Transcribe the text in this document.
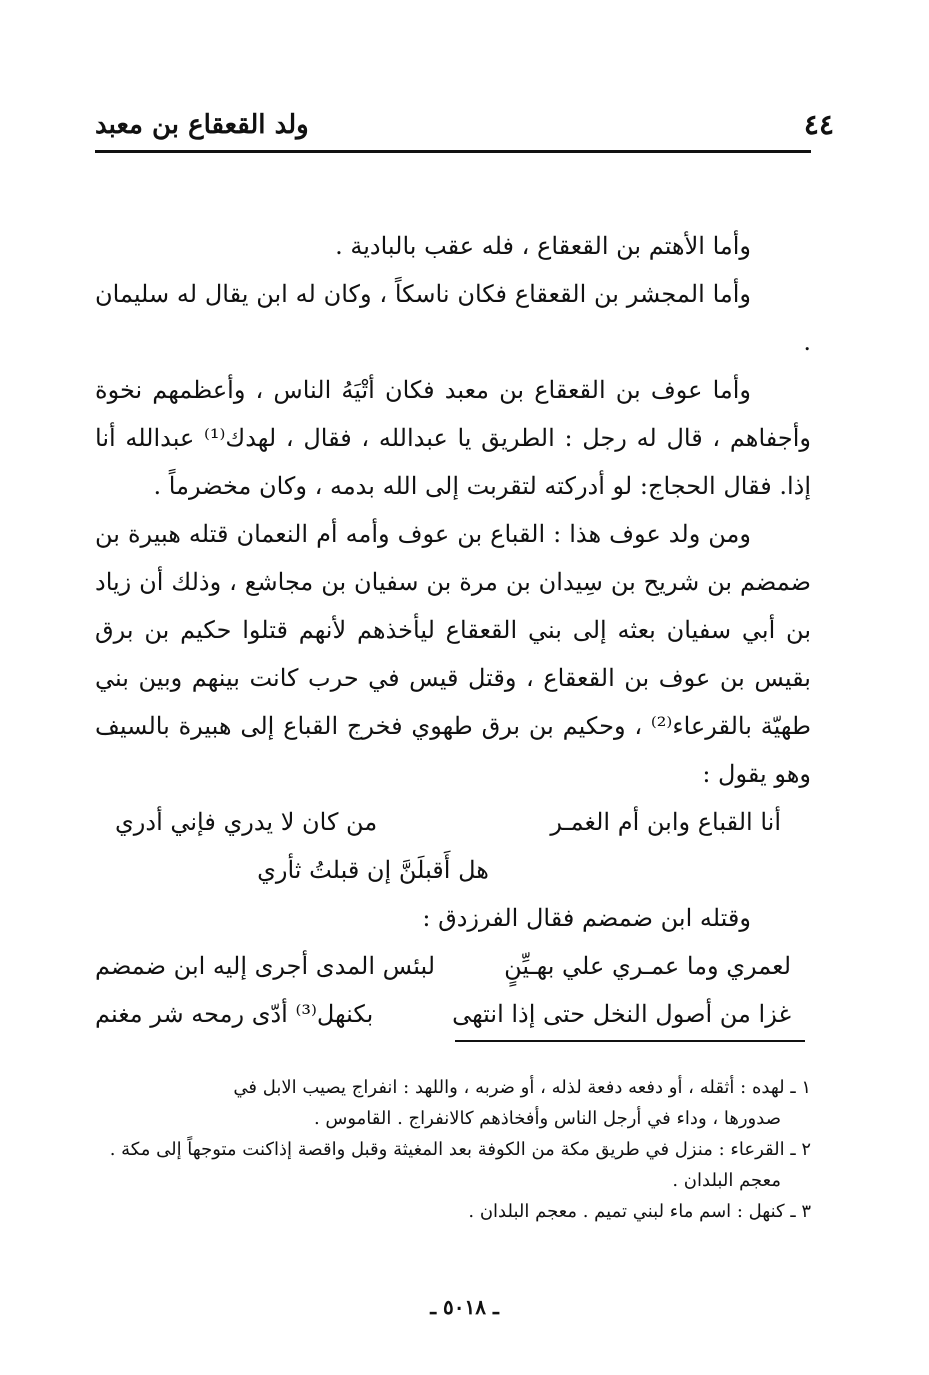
٤٤
ولد القعقاع بن معبد

وأما الأهتم بن القعقاع ، فله عقب بالبادية .

وأما المجشر بن القعقاع فكان ناسكاً ، وكان له ابن يقال له سليمان .

وأما عوف بن القعقاع بن معبد فكان أتْيَهُ الناس ، وأعظمهم نخوة وأجفاهم ، قال له رجل : الطريق يا عبدالله ، فقال ، لهدك⁽¹⁾ عبدالله أنا إذا. فقال الحجاج: لو أدركته لتقربت إلى الله بدمه ، وكان مخضرماً .

ومن ولد عوف هذا : القباع بن عوف وأمه أم النعمان قتله هبيرة بن ضمضم بن شريح بن سِيدان بن مرة بن سفيان بن مجاشع ، وذلك أن زياد بن أبي سفيان بعثه إلى بني القعقاع ليأخذهم لأنهم قتلوا حكيم بن برق بقيس بن عوف بن القعقاع ، وقتل قيس في حرب كانت بينهم وبين بني طهيّة بالقرعاء⁽²⁾ ، وحكيم بن برق طهوي فخرج القباع إلى هبيرة بالسيف وهو يقول :

أنا القباع وابن أم الغمـر
من كان لا يدري فإني أدري
هل أَقبلَنَّ إن قبلتُ ثأري

وقتله ابن ضمضم فقال الفرزدق :

لعمري وما عمـري علي بهـيِّنٍ
لبئس المدى أجرى إليه ابن ضمضم
غزا من أصول النخل حتى إذا انتهى
بكنهل⁽³⁾ أدّى رمحه شر مغنم

١ ـ لهده : أثقله ، أو دفعه دفعة لذله ، أو ضربه ، واللهد : انفراج يصيب الابل في
صدورها ، وداء في أرجل الناس وأفخاذهم كالانفراج . القاموس .

٢ ـ القرعاء : منزل في طريق مكة من الكوفة بعد المغيثة وقبل واقصة إذاكنت متوجهاً إلى مكة .
معجم البلدان .

٣ ـ كنهل : اسم ماء لبني تميم . معجم البلدان .

ـ ٥٠١٨ ـ
